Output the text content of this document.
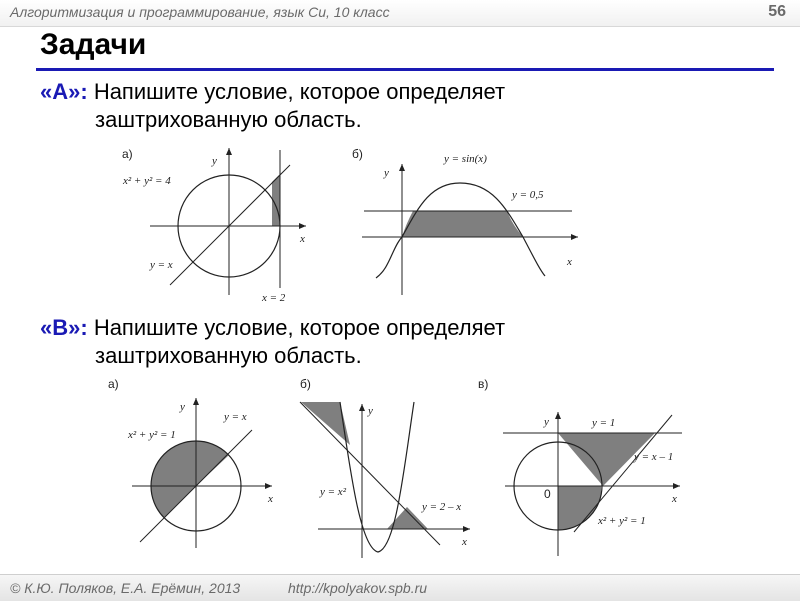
Алгоритмизация и программирование, язык Си, 10 класс	56
Задачи
«А»: Напишите условие, которое определяет
заштрихованную область.
«В»: Напишите условие, которое определяет
заштрихованную область.
а)	y
x
x² + y² = 4
y = x
x = 2
б)
y
x
y = sin(x)
y = 0,5
а)
y
x
x² + y² = 1
y = x
б)
y
x
y = x²
y = 2 – x
в)
y
x
0
y = 1
y = x – 1
x² + y² = 1
© К.Ю. Поляков, Е.А. Ерёмин, 2013	http://kpolyakov.spb.ru
